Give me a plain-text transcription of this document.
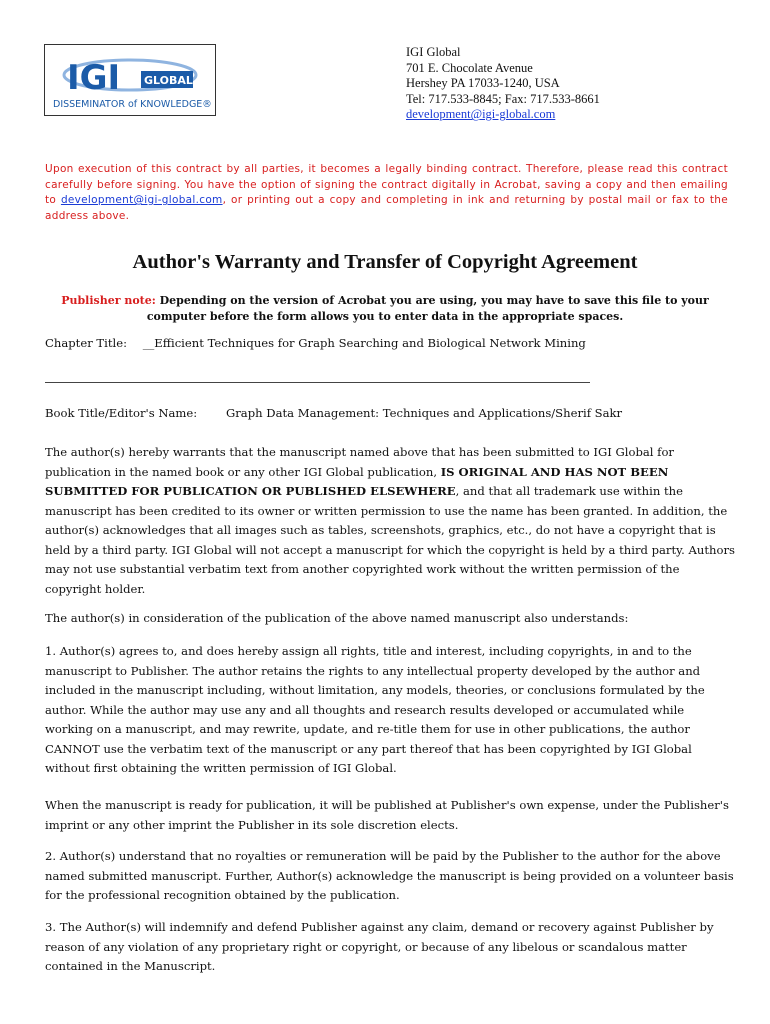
IGI GLOBAL
DISSEMINATOR of KNOWLEDGE®
IGI Global
701 E. Chocolate Avenue
Hershey PA 17033-1240, USA
Tel: 717.533-8845; Fax: 717.533-8661
development@igi-global.com
Upon execution of this contract by all parties, it becomes a legally binding contract. Therefore, please read this contract carefully before signing. You have the option of signing the contract digitally in Acrobat, saving a copy and then emailing to development@igi-global.com, or printing out a copy and completing in ink and returning by postal mail or fax to the address above.
Author's Warranty and Transfer of Copyright Agreement
Publisher note: Depending on the version of Acrobat you are using, you may have to save this file to your computer before the form allows you to enter data in the appropriate spaces.
Chapter Title: __Efficient Techniques for Graph Searching and Biological Network Mining
Book Title/Editor's Name: Graph Data Management: Techniques and Applications/Sherif Sakr
The author(s) hereby warrants that the manuscript named above that has been submitted to IGI Global for publication in the named book or any other IGI Global publication, IS ORIGINAL AND HAS NOT BEEN SUBMITTED FOR PUBLICATION OR PUBLISHED ELSEWHERE, and that all trademark use within the manuscript has been credited to its owner or written permission to use the name has been granted. In addition, the author(s) acknowledges that all images such as tables, screenshots, graphics, etc., do not have a copyright that is held by a third party. IGI Global will not accept a manuscript for which the copyright is held by a third party. Authors may not use substantial verbatim text from another copyrighted work without the written permission of the copyright holder.

The author(s) in consideration of the publication of the above named manuscript also understands:

1. Author(s) agrees to, and does hereby assign all rights, title and interest, including copyrights, in and to the manuscript to Publisher. The author retains the rights to any intellectual property developed by the author and included in the manuscript including, without limitation, any models, theories, or conclusions formulated by the author. While the author may use any and all thoughts and research results developed or accumulated while working on a manuscript, and may rewrite, update, and re-title them for use in other publications, the author CANNOT use the verbatim text of the manuscript or any part thereof that has been copyrighted by IGI Global without first obtaining the written permission of IGI Global.

When the manuscript is ready for publication, it will be published at Publisher's own expense, under the Publisher's imprint or any other imprint the Publisher in its sole discretion elects.

2. Author(s) understand that no royalties or remuneration will be paid by the Publisher to the author for the above named submitted manuscript. Further, Author(s) acknowledge the manuscript is being provided on a volunteer basis for the professional recognition obtained by the publication.

3. The Author(s) will indemnify and defend Publisher against any claim, demand or recovery against Publisher by reason of any violation of any proprietary right or copyright, or because of any libelous or scandalous matter contained in the Manuscript.
